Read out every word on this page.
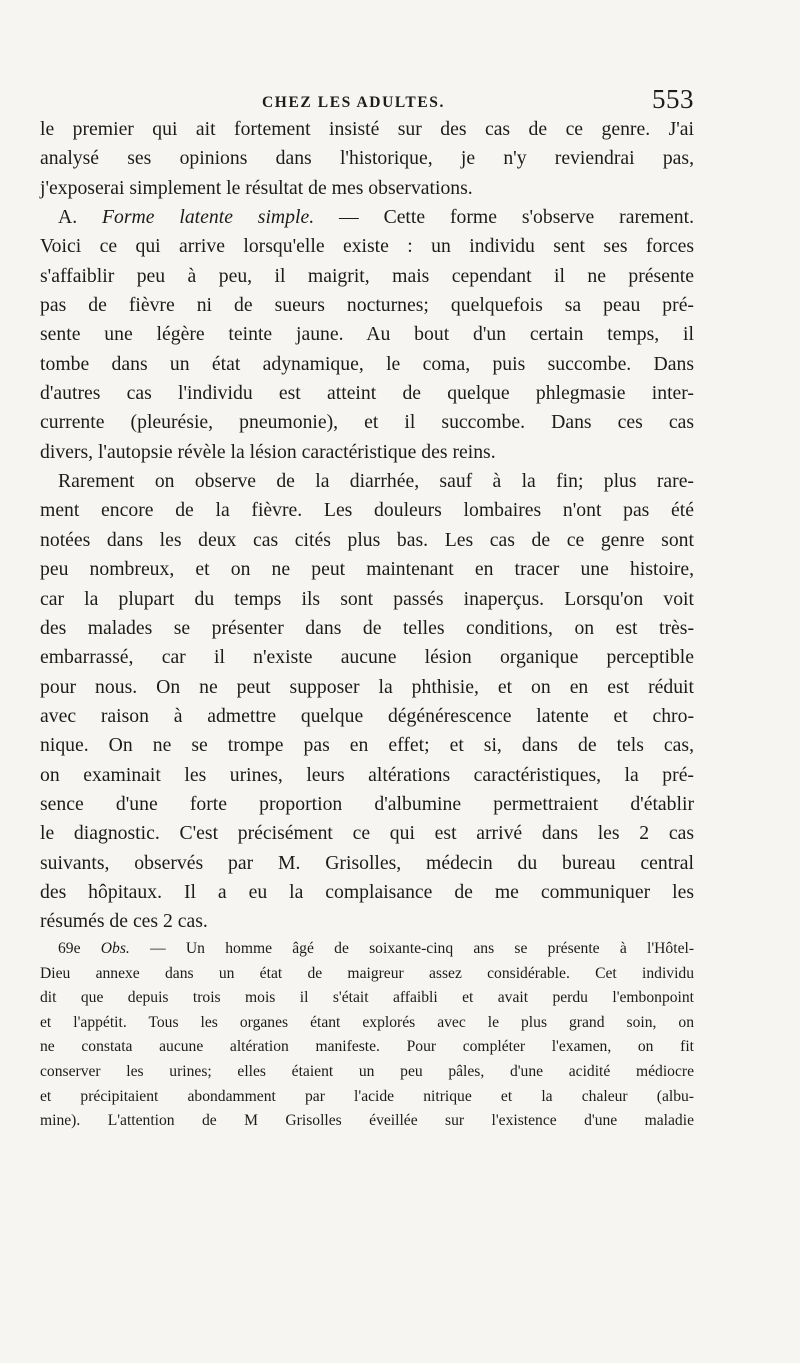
CHEZ LES ADULTES.	553
le premier qui ait fortement insisté sur des cas de ce genre. J'ai
analysé ses opinions dans l'historique, je n'y reviendrai pas,
j'exposerai simplement le résultat de mes observations.
A. Forme latente simple. — Cette forme s'observe rarement.
Voici ce qui arrive lorsqu'elle existe : un individu sent ses forces
s'affaiblir peu à peu, il maigrit, mais cependant il ne présente
pas de fièvre ni de sueurs nocturnes; quelquefois sa peau pré-
sente une légère teinte jaune. Au bout d'un certain temps, il
tombe dans un état adynamique, le coma, puis succombe. Dans
d'autres cas l'individu est atteint de quelque phlegmasie inter-
currente (pleurésie, pneumonie), et il succombe. Dans ces cas
divers, l'autopsie révèle la lésion caractéristique des reins.
Rarement on observe de la diarrhée, sauf à la fin; plus rare-
ment encore de la fièvre. Les douleurs lombaires n'ont pas été
notées dans les deux cas cités plus bas. Les cas de ce genre sont
peu nombreux, et on ne peut maintenant en tracer une histoire,
car la plupart du temps ils sont passés inaperçus. Lorsqu'on voit
des malades se présenter dans de telles conditions, on est très-
embarrassé, car il n'existe aucune lésion organique perceptible
pour nous. On ne peut supposer la phthisie, et on en est réduit
avec raison à admettre quelque dégénérescence latente et chro-
nique. On ne se trompe pas en effet; et si, dans de tels cas,
on examinait les urines, leurs altérations caractéristiques, la pré-
sence d'une forte proportion d'albumine permettraient d'établir
le diagnostic. C'est précisément ce qui est arrivé dans les 2 cas
suivants, observés par M. Grisolles, médecin du bureau central
des hôpitaux. Il a eu la complaisance de me communiquer les
résumés de ces 2 cas.
69e Obs. — Un homme âgé de soixante-cinq ans se présente à l'Hôtel-
Dieu annexe dans un état de maigreur assez considérable. Cet individu
dit que depuis trois mois il s'était affaibli et avait perdu l'embonpoint
et l'appétit. Tous les organes étant explorés avec le plus grand soin, on
ne constata aucune altération manifeste. Pour compléter l'examen, on fit
conserver les urines; elles étaient un peu pâles, d'une acidité médiocre
et précipitaient abondamment par l'acide nitrique et la chaleur (albu-
mine). L'attention de M Grisolles éveillée sur l'existence d'une maladie
